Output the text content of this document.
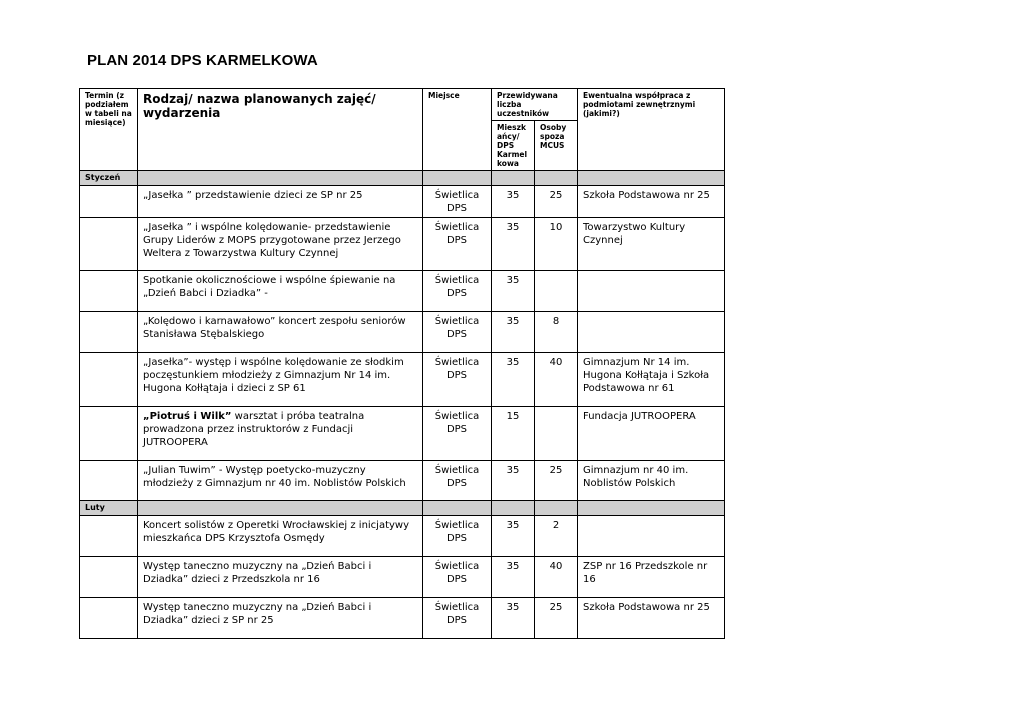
PLAN 2014 DPS KARMELKOWA
Termin (z podziałem w tabeli na miesiące)	Rodzaj/ nazwa planowanych zajęć/ wydarzenia	Miejsce	Przewidywana liczba uczestników		Ewentualna współpraca z podmiotami zewnętrznymi (jakimi?)
			Mieszk ańcy/ DPS Karmel kowa	Osoby spoza MCUS	
Styczeń					
	„Jasełka ” przedstawienie dzieci ze SP nr 25	Świetlica DPS	35	25	Szkoła Podstawowa nr 25
	„Jasełka ” i wspólne kolędowanie- przedstawienie Grupy Liderów z MOPS przygotowane przez Jerzego Weltera z Towarzystwa Kultury Czynnej	Świetlica DPS	35	10	Towarzystwo Kultury Czynnej
	Spotkanie okolicznościowe i wspólne śpiewanie na „Dzień Babci i Dziadka” -	Świetlica DPS	35		
	„Kolędowo i karnawałowo” koncert zespołu seniorów Stanisława Stębalskiego	Świetlica DPS	35	8	
	„Jasełka”- występ i wspólne kolędowanie ze słodkim poczęstunkiem młodzieży z Gimnazjum Nr 14 im. Hugona Kołłątaja i dzieci z SP 61	Świetlica DPS	35	40	Gimnazjum Nr 14 im. Hugona Kołłątaja i Szkoła Podstawowa nr 61
	„Piotruś i Wilk” warsztat i próba teatralna prowadzona przez instruktorów z Fundacji JUTROOPERA	Świetlica DPS	15		Fundacja JUTROOPERA
	„Julian Tuwim” - Występ poetycko-muzyczny młodzieży z Gimnazjum nr 40 im. Noblistów Polskich	Świetlica DPS	35	25	Gimnazjum nr 40 im. Noblistów Polskich
Luty					
	Koncert solistów z Operetki Wrocławskiej z inicjatywy mieszkańca DPS Krzysztofa Osmędy	Świetlica DPS	35	2	
	Występ taneczno muzyczny na „Dzień Babci i Dziadka” dzieci z Przedszkola nr 16	Świetlica DPS	35	40	ZSP nr 16 Przedszkole nr 16
	Występ taneczno muzyczny na „Dzień Babci i Dziadka” dzieci z SP nr 25	Świetlica DPS	35	25	Szkoła Podstawowa nr 25
